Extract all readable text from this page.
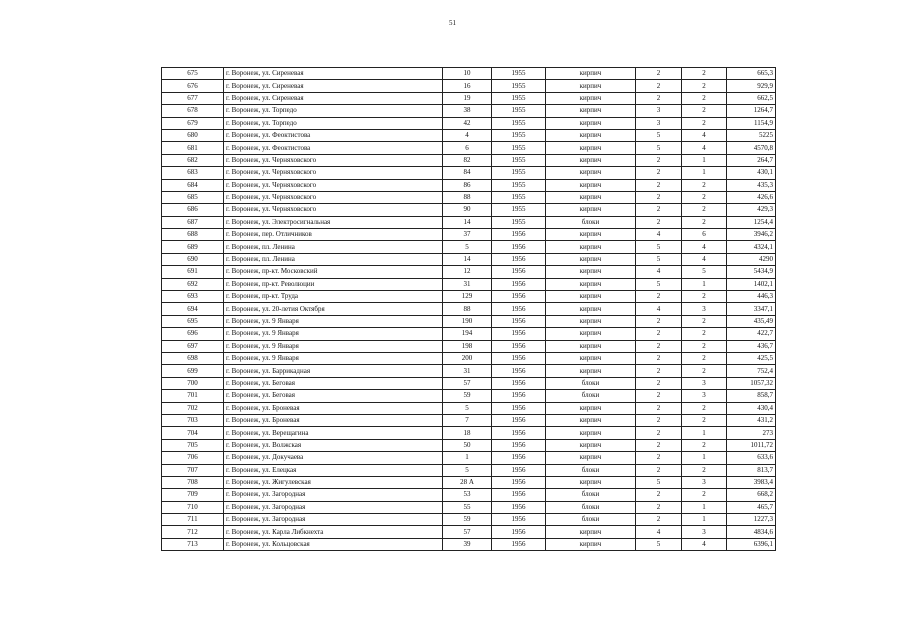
51
675	г. Воронеж, ул. Сиреневая	10	1955	кирпич	2	2	665,3
676	г. Воронеж, ул. Сиреневая	16	1955	кирпич	2	2	929,9
677	г. Воронеж, ул. Сиреневая	19	1955	кирпич	2	2	662,5
678	г. Воронеж, ул. Торпедо	38	1955	кирпич	3	2	1264,7
679	г. Воронеж, ул. Торпедо	42	1955	кирпич	3	2	1154,9
680	г. Воронеж, ул. Феоктистова	4	1955	кирпич	5	4	5225
681	г. Воронеж, ул. Феоктистова	6	1955	кирпич	5	4	4570,8
682	г. Воронеж, ул. Черняховского	82	1955	кирпич	2	1	264,7
683	г. Воронеж, ул. Черняховского	84	1955	кирпич	2	1	430,1
684	г. Воронеж, ул. Черняховского	86	1955	кирпич	2	2	435,3
685	г. Воронеж, ул. Черняховского	88	1955	кирпич	2	2	426,6
686	г. Воронеж, ул. Черняховского	90	1955	кирпич	2	2	429,3
687	г. Воронеж, ул. Электросигнальная	14	1955	блоки	2	2	1254,4
688	г. Воронеж, пер. Отличников	37	1956	кирпич	4	6	3946,2
689	г. Воронеж, пл. Ленина	5	1956	кирпич	5	4	4324,1
690	г. Воронеж, пл. Ленина	14	1956	кирпич	5	4	4290
691	г. Воронеж, пр-кт. Московский	12	1956	кирпич	4	5	5434,9
692	г. Воронеж, пр-кт. Революции	31	1956	кирпич	5	1	1402,1
693	г. Воронеж, пр-кт. Труда	129	1956	кирпич	2	2	446,3
694	г. Воронеж, ул. 20-летия Октября	88	1956	кирпич	4	3	3347,1
695	г. Воронеж, ул. 9 Января	190	1956	кирпич	2	2	435,49
696	г. Воронеж, ул. 9 Января	194	1956	кирпич	2	2	422,7
697	г. Воронеж, ул. 9 Января	198	1956	кирпич	2	2	436,7
698	г. Воронеж, ул. 9 Января	200	1956	кирпич	2	2	425,5
699	г. Воронеж, ул. Баррикадная	31	1956	кирпич	2	2	752,4
700	г. Воронеж, ул. Беговая	57	1956	блоки	2	3	1057,32
701	г. Воронеж, ул. Беговая	59	1956	блоки	2	3	858,7
702	г. Воронеж, ул. Броневая	5	1956	кирпич	2	2	430,4
703	г. Воронеж, ул. Броневая	7	1956	кирпич	2	2	431,2
704	г. Воронеж, ул. Верещагина	18	1956	кирпич	2	1	273
705	г. Воронеж, ул. Волжская	50	1956	кирпич	2	2	1011,72
706	г. Воронеж, ул. Докучаева	1	1956	кирпич	2	1	633,6
707	г. Воронеж, ул. Елецкая	5	1956	блоки	2	2	813,7
708	г. Воронеж, ул. Жигулевская	28 А	1956	кирпич	5	3	3983,4
709	г. Воронеж, ул. Загородная	53	1956	блоки	2	2	668,2
710	г. Воронеж, ул. Загородная	55	1956	блоки	2	1	465,7
711	г. Воронеж, ул. Загородная	59	1956	блоки	2	1	1227,3
712	г. Воронеж, ул. Карла Либкнехта	57	1956	кирпич	4	3	4834,6
713	г. Воронеж, ул. Кольцовская	39	1956	кирпич	5	4	6396,1
